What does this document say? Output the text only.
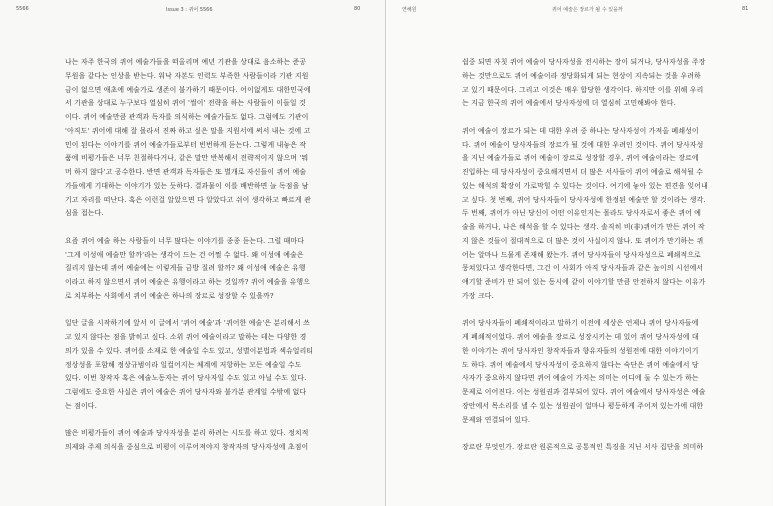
5566	Issue 3 : 퀴어 5566	80

나는 자주 한국의 퀴어 예술가들을 떠올리며 예년 기관을 상대로 음소하는 준공
무원을 같다는 인상을 받는다. 워낙 자본도 인력도 부족한 사람들이라 기관 지원
금이 없으면 애초에 예술가로 생존이 불가하기 때문이다. 어이없게도 대한민국에
서 기관을 상대로 누구보다 열심히 퀴어 '썰이' 전략을 하는 사람들이 이들일 것
이다. 퀴어 예술만큼 관객과 독자를 의식하는 예술가들도 없다. 그럼에도 기관이
'아직도' 퀴어에 대해 잘 몰라서 진짜 하고 싶은 말을 지원서에 써서 내는 것에 고
민이 된다는 이야기를 퀴어 예술가들로부터 빈번하게 듣는다. 그렇게 내놓은 작
품에 비평가들은 너무 친절하다거나, 같은 말만 반복해서 전략적이지 않으며 '뭐
머 하지 않다'고 공수한다. 반면 관객과 독자들은 또 별개로 자신들이 퀴어 예술
가들에게 기대하는 이야기가 있는 듯하다. 결과물이 이를 배반하면 늘 독점을 남
기고 자리를 떠난다. 혹은 이런걸 알았으면 다 알았다고 쉬이 생각하고 빠르게 관
심을 접는다.

요즘 퀴어 예술 하는 사람들이 너무 많다는 이야기를 종종 듣는다. 그럴 때마다
'그게 이성애 예술만 할까'라는 생각이 드는 건 어쩔 수 없다. 왜 이성애 예술은
질리지 않는데 퀴어 예술에는 이렇게들 금방 질려 할까? 왜 이성애 예술은 유행
이라고 하지 않으면서 퀴어 예술은 유행이라고 하는 것일까? 퀴어 예술을 유행으
로 치부하는 사회에서 퀴어 예술은 하나의 장르로 성장할 수 있을까?

일단 글을 시작하기에 앞서 이 글에서 '퀴어 예술'과 '퀴어한 예술'은 분리해서 쓰
고 있지 않다는 점을 밝히고 싶다. 소위 퀴어 예술이라고 말하는 데는 다양한 경
의가 있을 수 있다. 퀴어를 소재로 한 예술일 수도 있고, 성별이분법과 섹슈얼리티
정상성을 포함해 정상규범이라 일컬어지는 체계에 저항하는 모든 예술일 수도
있다. 이번 창작자 혹은 예술노동자는 퀴어 당사자일 수도 있고 아닐 수도 있다.
그럼에도 중요한 사실은 퀴어 예술은 퀴어 당사자와 불가분 관계일 수밖에 없다
는 점이다.

많은 비평가들이 퀴어 예술과 당사자성을 분리 하려는 시도를 하고 있다. 정치적
의제와 주제 의식을 중심으로 비평이 이루어져야지 창작자의 당사자성에 초점이

연해원	퀴어 예술은 장르가 될 수 있을까	81

쉽중 되면 자칫 퀴어 예술이 당사자성을 전시하는 장이 되거나, 당사자성을 주장
하는 것만으로도 퀴어 예술이라 정당화되게 되는 현상이 지속되는 것을 우려하
고 있기 때문이다. 그리고 이것은 매우 합당한 생각이다. 하지만 이를 위해 우리
는 지금 한국의 퀴어 예술에서 당사자성에 더 열심히 고민해봐야 한다.

퀴어 예술이 장르가 되는 데 대한 우려 중 하나는 당사자성이 가져올 폐쇄성이
다. 퀴어 예술이 당사자들의 장르가 될 것에 대한 우려인 것이다. 퀴어 당사자성
을 지닌 예술가들로 퀴어 예술이 장르로 성장할 경우, 퀴어 예술이라는 장르에
진입하는 데 당사자성이 중요해지면서 더 많은 서사들이 퀴어 예술로 해석될 수
있는 해석의 확장이 가로막힐 수 있다는 것이다. 여기에 놓아 있는 편견을 잊어내
고 싶다. 첫 번째, 퀴어 당사자들이 당사자성에 한정된 예술만 할 것이라는 생각.
두 번째, 퀴어가 아닌 당신이 어떤 이유인지는 몰라도 당사자로서 좋은 퀴어 예
술을 하거나, 나은 해석을 할 수 있다는 생각. 솔직히 비(非)퀴어가 만든 퀴어 작
지 않은 것들이 절대적으로 더 많은 것이 사실이지 않나. 또 퀴어가 만기하는 퀴
어는 알마나 드물게 존재해 왔는가. 퀴어 당사자들이 당사자성으로 폐쇄적으로
뭉쳐있다고 생각한다면, 그건 이 사회가 아직 당사자들과 같은 높이의 시선에서
얘기할 준비가 안 되어 있는 동시에 같이 이야기할 만큼 안전하지 않다는 이유가
가장 크다.

퀴어 당사자들이 폐쇄적이라고 말하기 이전에 세상은 언제나 퀴어 당사자들에
게 폐쇄적이었다. 퀴어 예술을 장르로 성장시키는 데 있어 퀴어 당사자성에 대
한 이야기는 퀴어 당사자인 창작자들과 향유자들의 성원전에 대한 이야기이기
도 하다. 퀴어 예술에서 당사자성이 중요하지 않다는 숙단은 퀴어 예술에서 당
사자가 중요하지 않다면 퀴어 예술이 가지는 의미는 어디에 둘 수 있는가 하는
문제로 이어진다. 이는 성원권과 결부되어 있다. 퀴어 예술에서 당사자성은 예술
장안에서 목소리를 낼 수 있는 성원권이 얼마나 평등하게 주어져 있는가에 대한
문제와 연결되어 있다.

장르란 무엇인가. 장르란 원론적으로 공통적인 특징을 지닌 서사 집단을 의미하
